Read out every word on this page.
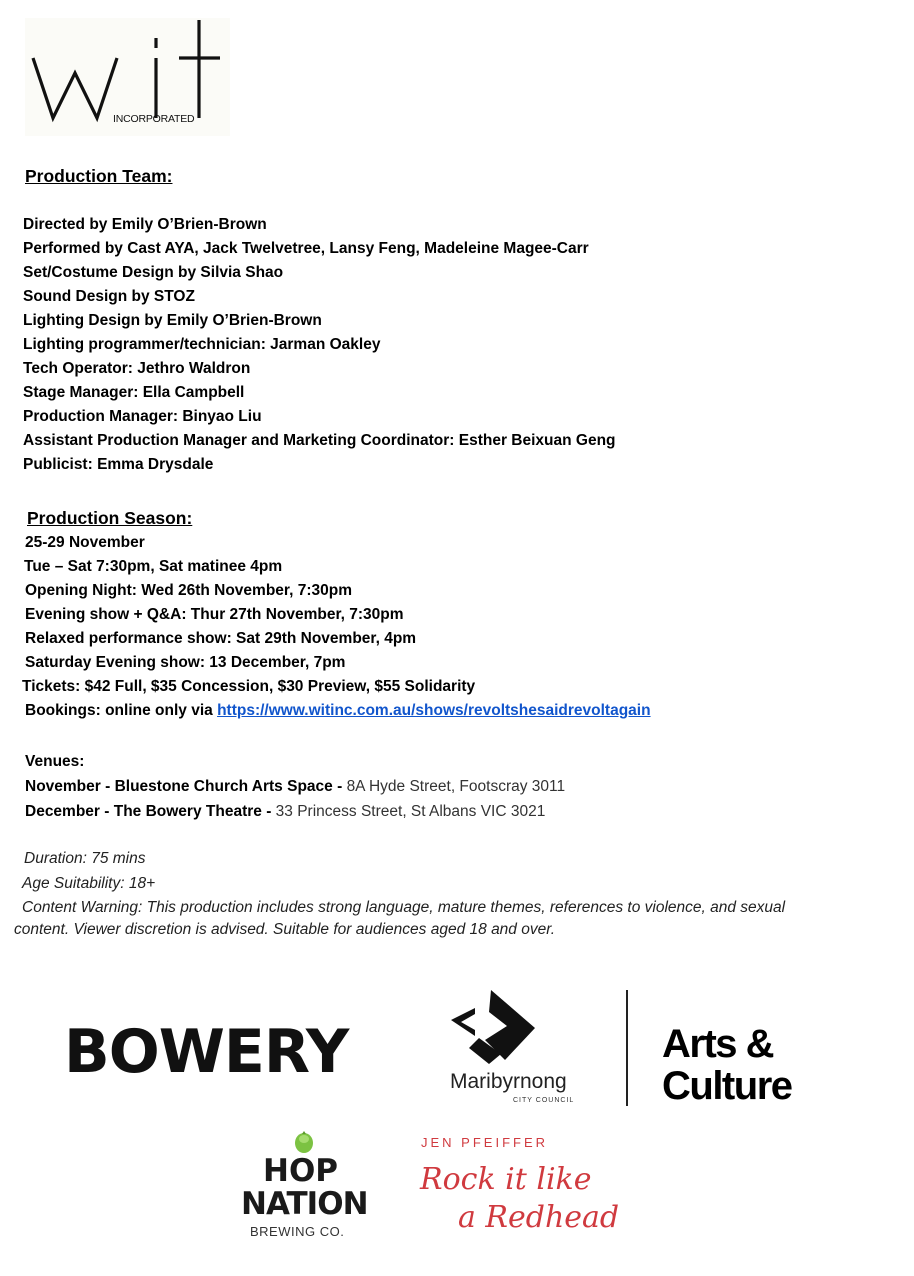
INCORPORATED
Production Team:
Directed by Emily O’Brien-Brown
Performed by Cast AYA, Jack Twelvetree, Lansy Feng, Madeleine Magee-Carr
Set/Costume Design by Silvia Shao
Sound Design by STOZ
Lighting Design by Emily O’Brien-Brown
Lighting programmer/technician: Jarman Oakley
Tech Operator: Jethro Waldron
Stage Manager: Ella Campbell
Production Manager: Binyao Liu
Assistant Production Manager and Marketing Coordinator: Esther Beixuan Geng
Publicist: Emma Drysdale
Production Season:
25-29 November
Tue – Sat 7:30pm, Sat matinee 4pm
Opening Night: Wed 26th November, 7:30pm
Evening show + Q&A: Thur 27th November, 7:30pm
Relaxed performance show: Sat 29th November, 4pm
Saturday Evening show: 13 December, 7pm
Tickets: $42 Full, $35 Concession, $30 Preview, $55 Solidarity
Bookings: online only via https://www.witinc.com.au/shows/revoltshesaidrevoltagain
Venues:
November - Bluestone Church Arts Space - 8A Hyde Street, Footscray 3011
December - The Bowery Theatre - 33 Princess Street, St Albans VIC 3021
Duration: 75 mins
Age Suitability: 18+
Content Warning: This production includes strong language, mature themes, references to violence, and sexual
content. Viewer discretion is advised. Suitable for audiences aged 18 and over.
BOWERY	Maribyrnong
CITY COUNCIL
Arts &
Culture
HOP
NATION
BREWING CO.
JEN PFEIFFER
Rock it like
a Redhead
